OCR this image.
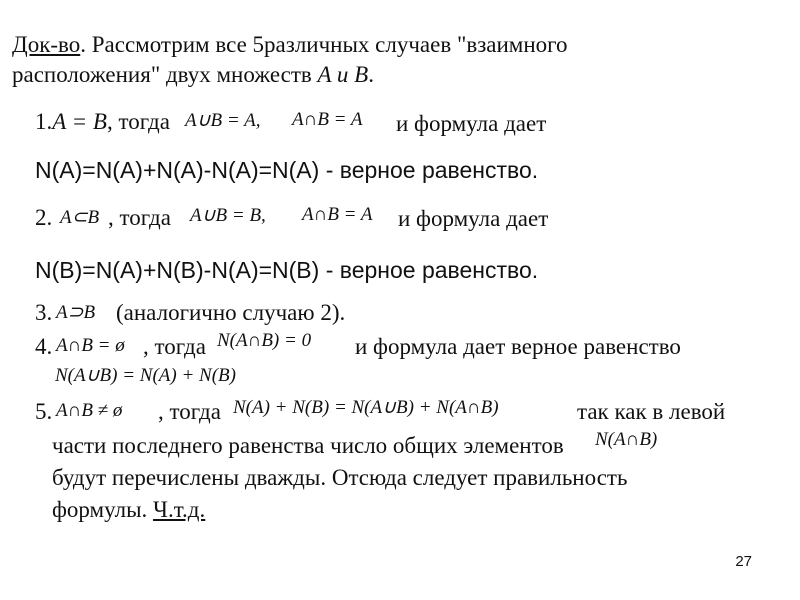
Док-во. Рассмотрим все 5различных случаев "взаимного
расположения" двух множеств A и B.
1.A = B, тогда A∪B = A, A∩B = A и формула дает
N(A)=N(A)+N(A)-N(A)=N(A) - верное равенство.
2. A⊂B , тогда A∪B = B, A∩B = A и формула дает
N(B)=N(A)+N(B)-N(A)=N(B) - верное равенство.
3. A⊃B (аналогично случаю 2).
4. A∩B = ø , тогда N(A∩B) = 0 и формула дает верное равенство
N(A∪B) = N(A) + N(B)
5. A∩B ≠ ø , тогда N(A) + N(B) = N(A∪B) + N(A∩B)	так как в левой
части последнего равенства число общих элементов N(A∩B)
будут перечислены дважды. Отсюда следует правильность
формулы. Ч.т.д.
27
